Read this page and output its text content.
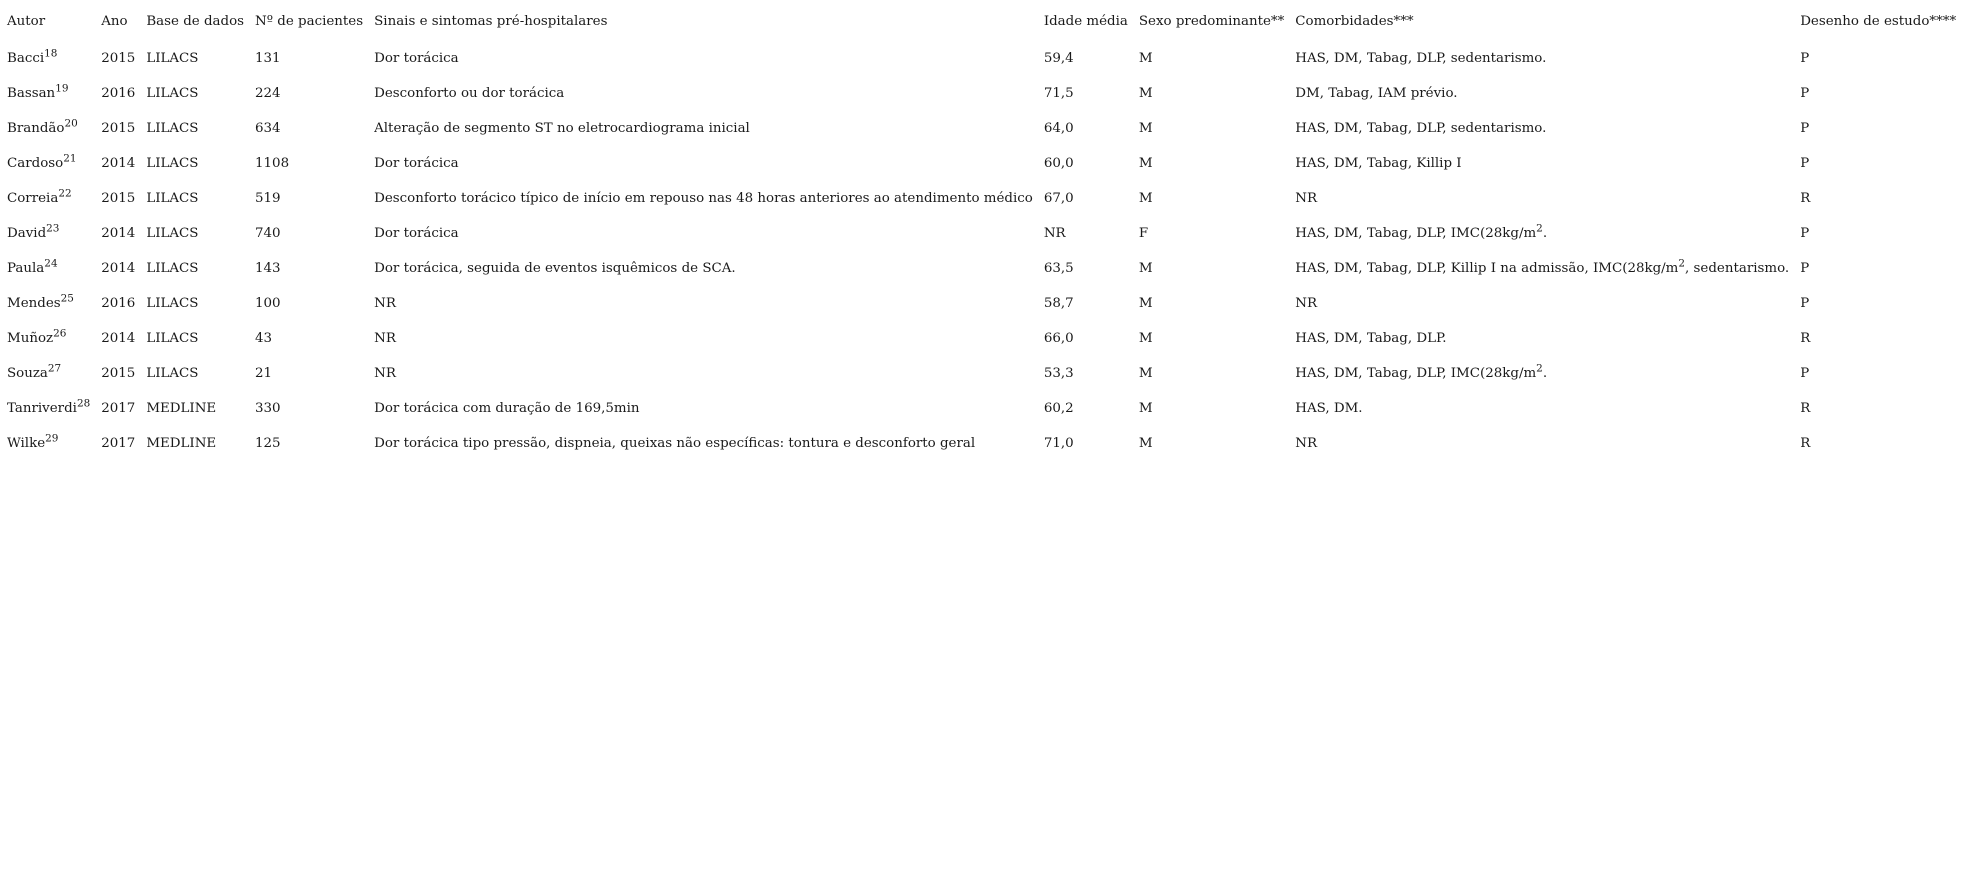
Autor	Ano	Base de dados	Nº de pacientes	Sinais e sintomas pré-hospitalares	Idade média	Sexo predominante**	Comorbidades***	Desenho de estudo****
Bacci$^{18}$	2015	LILACS	131	Dor torácica	59,4	M	HAS, DM, Tabag, DLP, sedentarismo.	P
Bassan$^{19}$	2016	LILACS	224	Desconforto ou dor torácica	71,5	M	DM, Tabag, IAM prévio.	P
Brandão$^{20}$	2015	LILACS	634	Alteração de segmento ST no eletrocardiograma inicial	64,0	M	HAS, DM, Tabag, DLP, sedentarismo.	P
Cardoso$^{21}$	2014	LILACS	1108	Dor torácica	60,0	M	HAS, DM, Tabag, Killip I	P
Correia$^{22}$	2015	LILACS	519	Desconforto torácico típico de início em repouso nas 48 horas anteriores ao atendimento médico	67,0	M	NR	R
David$^{23}$	2014	LILACS	740	Dor torácica	NR	F	HAS, DM, Tabag, DLP, $IMC(28kg/m^2$.	P
Paula$^{24}$	2014	LILACS	143	Dor torácica, seguida de eventos isquêmicos de SCA.	63,5	M	HAS, DM, Tabag, DLP, Killip I na admissão, $IMC(28kg/m^2$, sedentarismo.	P
Mendes$^{25}$	2016	LILACS	100	NR	58,7	M	NR	P
Muñoz$^{26}$	2014	LILACS	43	NR	66,0	M	HAS, DM, Tabag, DLP.	R
Souza$^{27}$	2015	LILACS	21	NR	53,3	M	HAS, DM, Tabag, DLP, $IMC(28kg/m^2$.	P
Tanriverdi$^{28}$	2017	MEDLINE	330	Dor torácica com duração de 169,5min	60,2	M	HAS, DM.	R
Wilke$^{29}$	2017	MEDLINE	125	Dor torácica tipo pressão, dispneia, queixas não específicas: tontura e desconforto geral	71,0	M	NR	R
